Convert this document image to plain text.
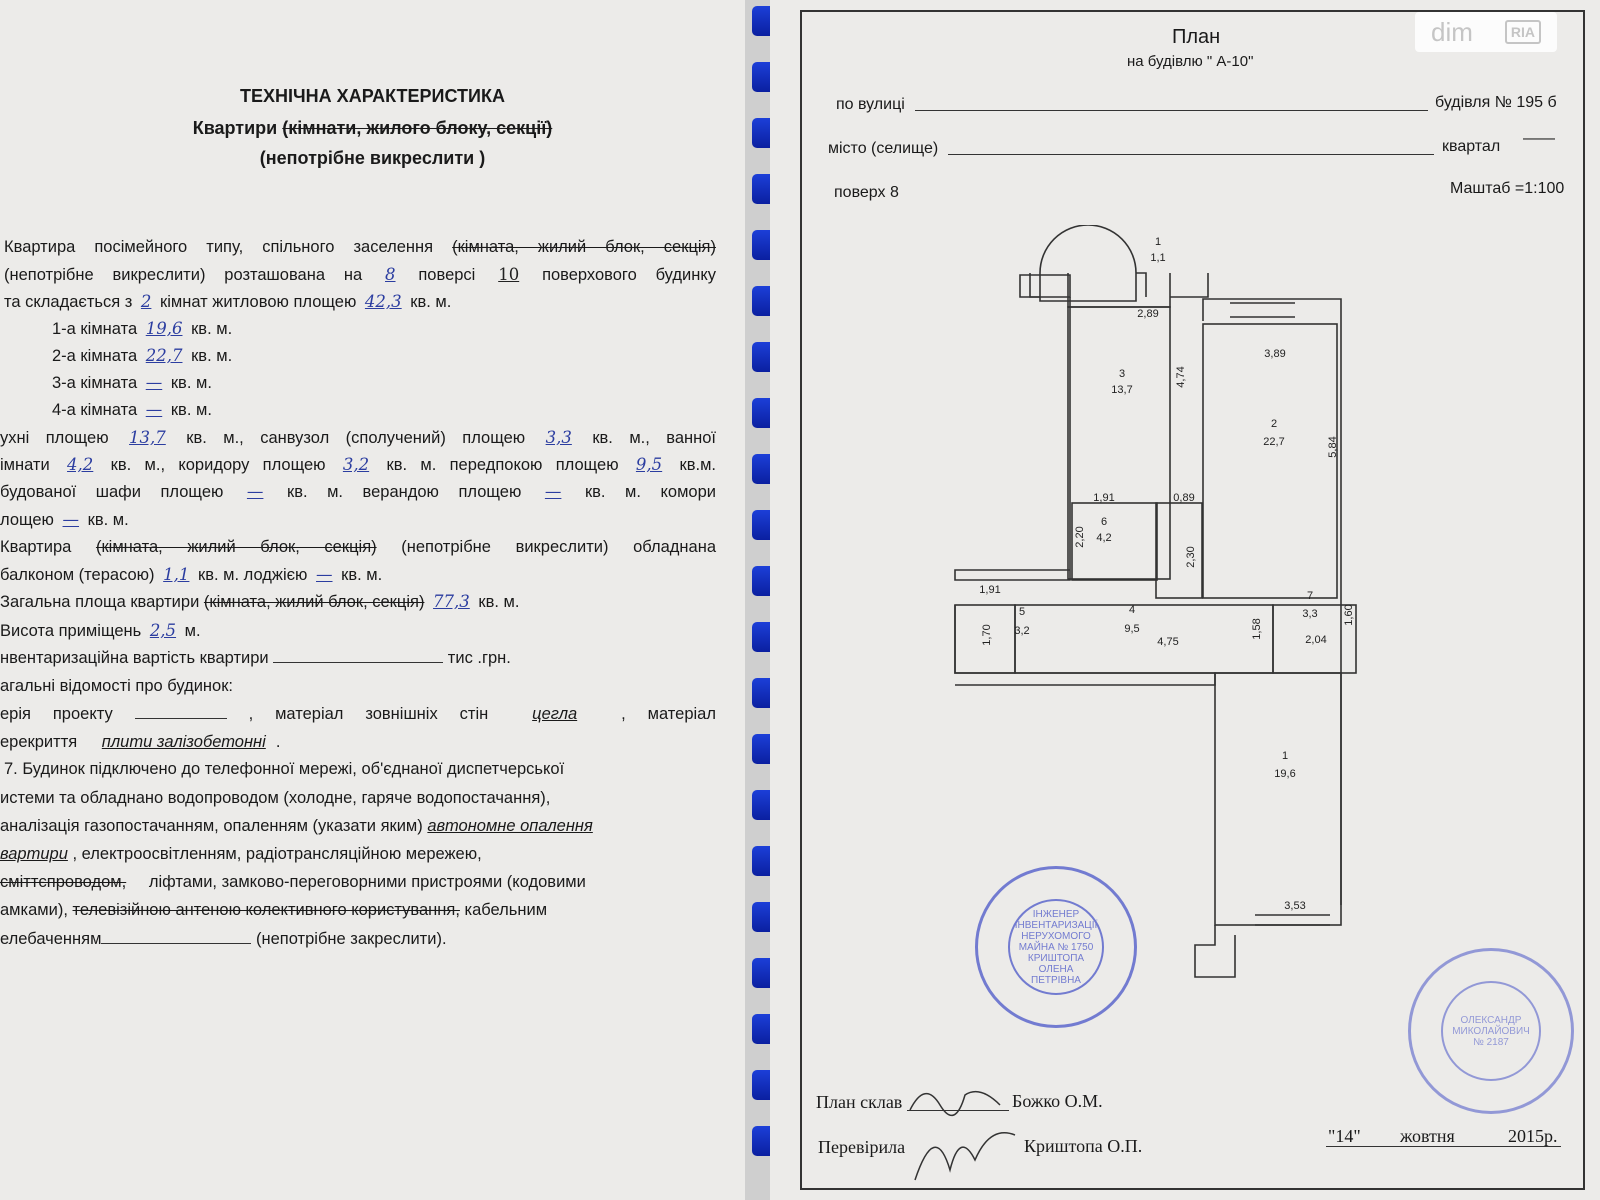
ТЕХНІЧНА ХАРАКТЕРИСТИКА
Квартири (кімнати, жилого блоку, секції)
(непотрібне викреслити )
Квартира посімейного типу, спільного заселення (кімната, жилий блок, секція)
(непотрібне викреслити) розташована на 8 поверсі 10 поверхового будинку
та складається з 2 кімнат житловою площею 42,3 кв. м.
1-а кімната 19,6 кв. м.
2-а кімната 22,7 кв. м.
3-а кімната — кв. м.
4-а кімната — кв. м.
ухні площею 13,7 кв. м., санвузол (сполучений) площею 3,3 кв. м., ванної
імнати 4,2 кв. м., коридору площею 3,2 кв. м. передпокою площею 9,5 кв.м.
будованої шафи площею — кв. м. верандою площею — кв. м. комори
лощею — кв. м.
Квартира (кімната, жилий блок, секція) (непотрібне викреслити) обладнана
балконом (терасою) 1,1 кв. м. лоджією — кв. м.
Загальна площа квартири (кімната, жилий блок, секція) 77,3 кв. м.
Висота приміщень 2,5 м.
нвентаризаційна вартість квартири	тис .грн.
агальні відомості про будинок:
ерія проекту	, матеріал зовнішніх стін	цегла	, матеріал
ерекриття плити залізобетонні .
7. Будинок підключено до телефонної мережі, об'єднаної диспетчерської
истеми та обладнано водопроводом (холодне, гаряче водопостачання),
аналізація газопостачанням, опаленням (указати яким) автономне опалення
вартири , електроосвітленням, радіотрансляційною мережею,
сміттєпроводом, ліфтами, замково-переговорними пристроями (кодовими
амками), телевізійною антеною колективного користування, кабельним
елебаченням	(непотрібне закреслити).
План
на будівлю " А-10"
по вулиці	будівля № 195 б
місто (селище)	квартал ——
поверх 8	Маштаб =1:100
1
1,1
2,89
3,89
3
13,7
4,74
2
22,7	5,84
1,91	0,89
6
4,2
2,20
2,30
1,91
5
3,2
1,70
4
9,5
4,75
1,58
7
3,3
2,04
1,60
1
19,6
3,53
ІНЖЕНЕР ІНВЕНТАРИЗАЦІЇ НЕРУХОМОГО МАЙНА № 1750 КРИШТОПА ОЛЕНА ПЕТРІВНА
ОЛЕКСАНДР МИКОЛАЙОВИЧ № 2187
План склав	Божко О.М.
Перевірила	Криштопа О.П.	"14" жовтня	2015р.
dim	RIA
